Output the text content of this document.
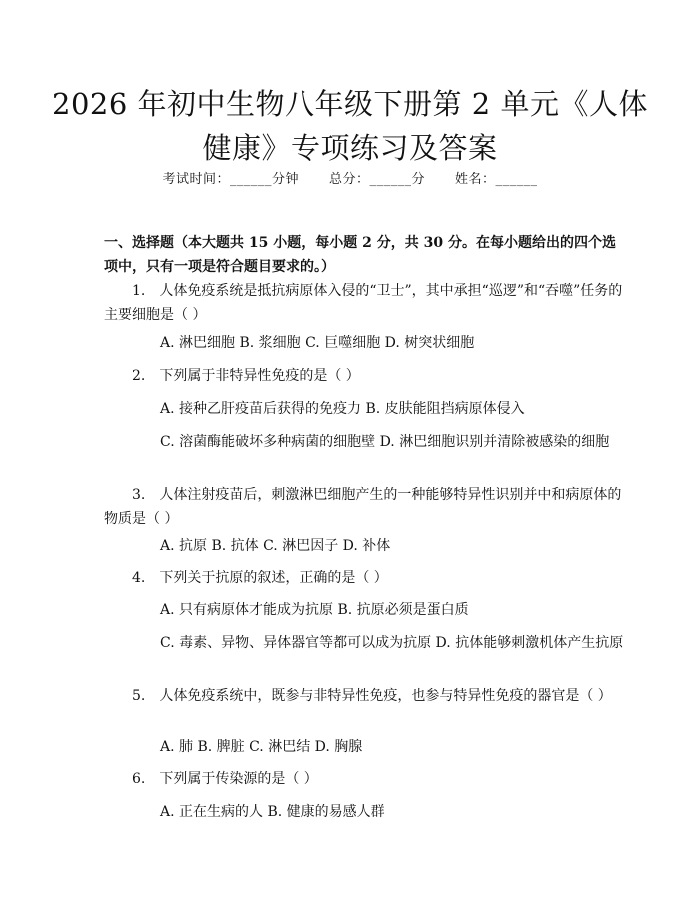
2026 年初中生物八年级下册第 2 单元《人体
健康》专项练习及答案
考试时间：______分钟 总分：______分 姓名：______
一、选择题（本大题共 15 小题，每小题 2 分，共 30 分。在每小题给出的四个选项中，只有一项是符合题目要求的。）
1.　人体免疫系统是抵抗病原体入侵的“卫士”，其中承担“巡逻”和“吞噬”任务的主要细胞是（ ）
A. 淋巴细胞 B. 浆细胞 C. 巨噬细胞 D. 树突状细胞
2.　下列属于非特异性免疫的是（ ）
A. 接种乙肝疫苗后获得的免疫力 B. 皮肤能阻挡病原体侵入
C. 溶菌酶能破坏多种病菌的细胞壁 D. 淋巴细胞识别并清除被感染的细胞
3.　人体注射疫苗后，刺激淋巴细胞产生的一种能够特异性识别并中和病原体的物质是（ ）
A. 抗原 B. 抗体 C. 淋巴因子 D. 补体
4.　下列关于抗原的叙述，正确的是（ ）
A. 只有病原体才能成为抗原 B. 抗原必须是蛋白质
C. 毒素、异物、异体器官等都可以成为抗原 D. 抗体能够刺激机体产生抗原
5.　人体免疫系统中，既参与非特异性免疫，也参与特异性免疫的器官是（ ）
A. 肺 B. 脾脏 C. 淋巴结 D. 胸腺
6.　下列属于传染源的是（ ）
A. 正在生病的人 B. 健康的易感人群
